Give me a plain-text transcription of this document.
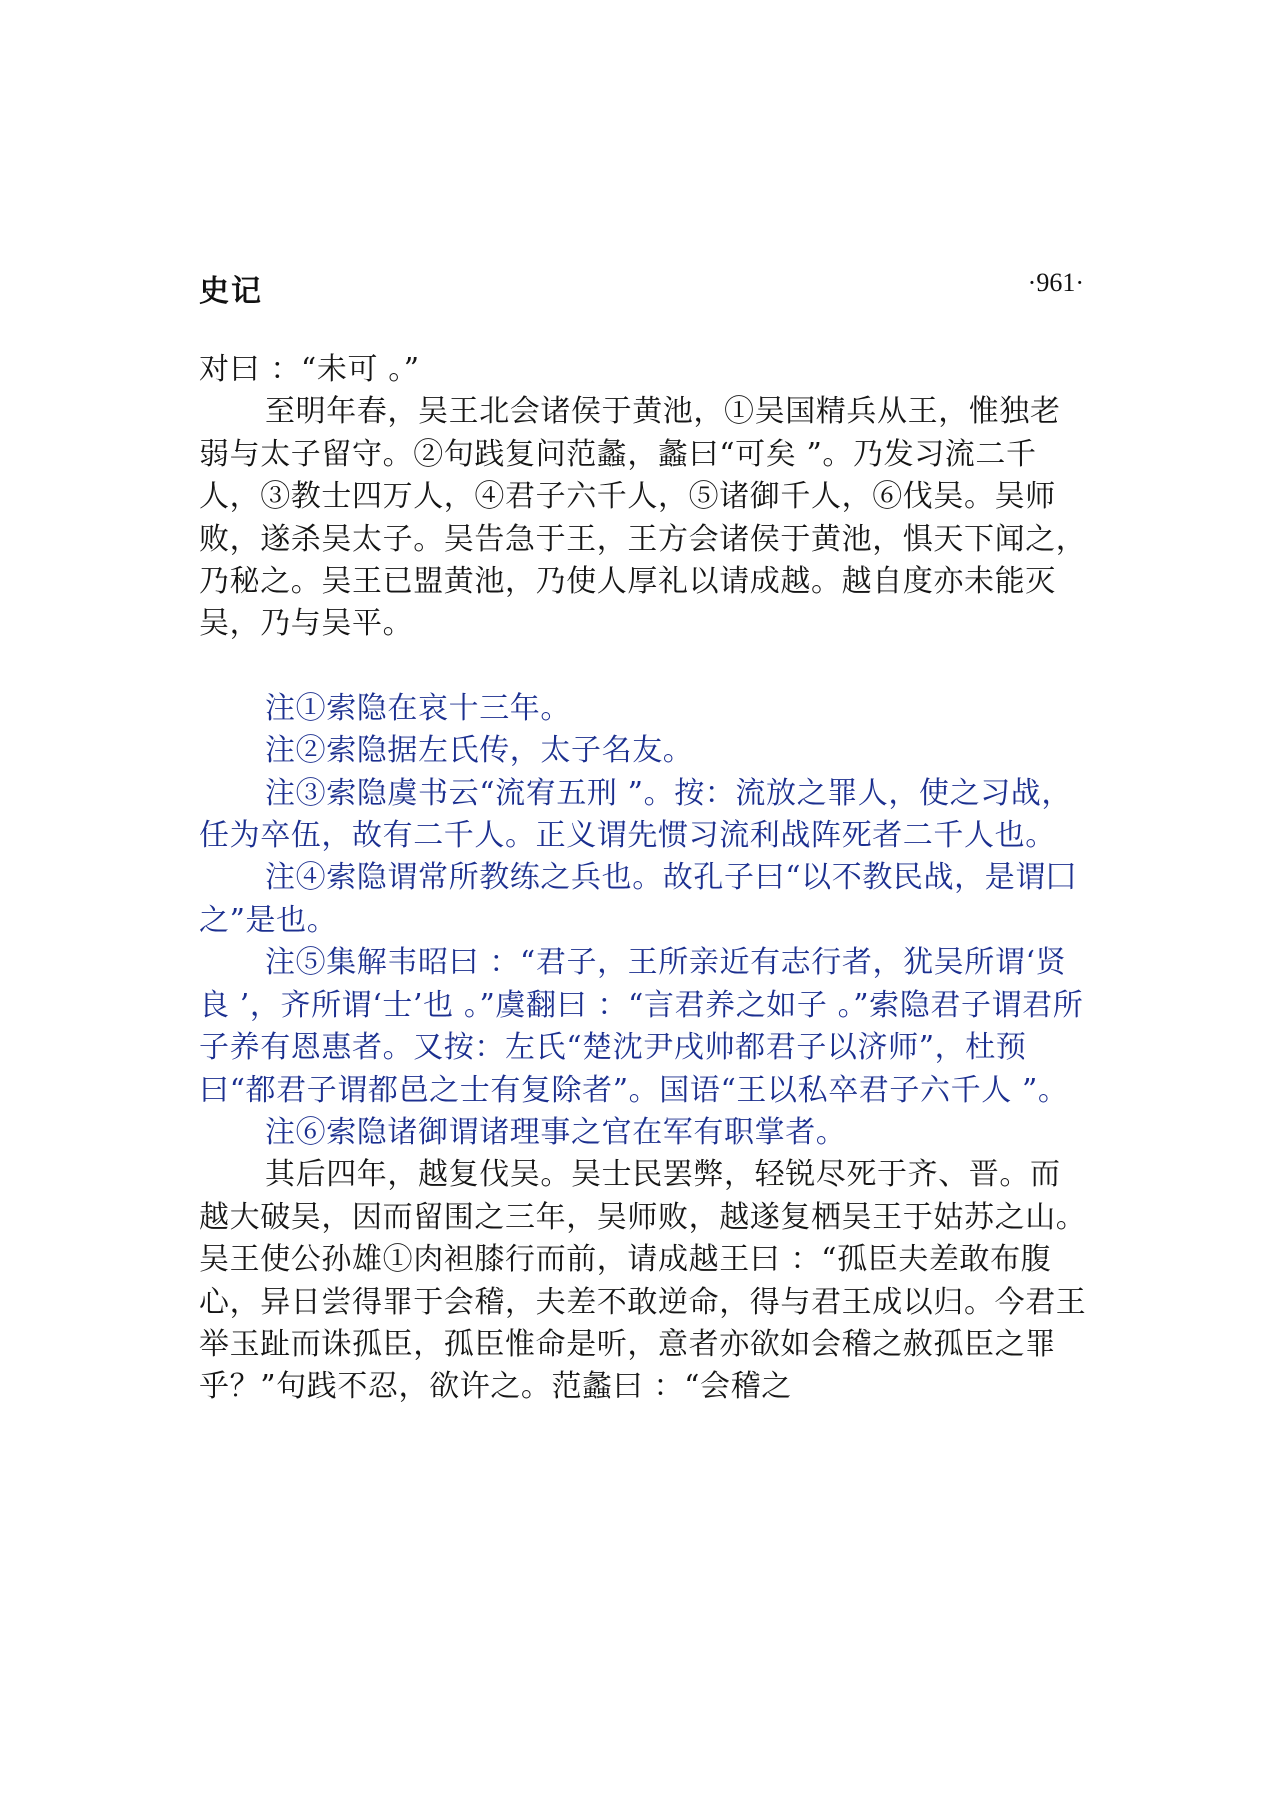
史记	·961·

对曰 ：“未可 。”

至明年春，吴王北会诸侯于黄池，①吴国精兵从王，惟独老弱与太子留守。②句践复问范蠡，蠡曰“可矣 ”。乃发习流二千人，③教士四万人，④君子六千人，⑤诸御千人，⑥伐吴。吴师败，遂杀吴太子。吴告急于王，王方会诸侯于黄池，惧天下闻之，乃秘之。吴王已盟黄池，乃使人厚礼以请成越。越自度亦未能灭吴，乃与吴平。

注①索隐在哀十三年。

注②索隐据左氏传，太子名友。

注③索隐虞书云“流宥五刑 ”。按：流放之罪人，使之习战，任为卒伍，故有二千人。正义谓先惯习流利战阵死者二千人也。

注④索隐谓常所教练之兵也。故孔子曰“以不教民战，是谓囗之”是也。

注⑤集解韦昭曰 ：“君子，王所亲近有志行者，犹吴所谓‘贤良 ’，齐所谓‘士’也 。”虞翻曰 ：“言君养之如子 。”索隐君子谓君所子养有恩惠者。又按：左氏“楚沈尹戌帅都君子以济师”，杜预曰“都君子谓都邑之士有复除者”。国语“王以私卒君子六千人 ”。

注⑥索隐诸御谓诸理事之官在军有职掌者。

其后四年，越复伐吴。吴士民罢弊，轻锐尽死于齐、晋。而越大破吴，因而留围之三年，吴师败，越遂复栖吴王于姑苏之山。吴王使公孙雄①肉袒膝行而前，请成越王曰 ：“孤臣夫差敢布腹心，异日尝得罪于会稽，夫差不敢逆命，得与君王成以归。今君王举玉趾而诛孤臣，孤臣惟命是听，意者亦欲如会稽之赦孤臣之罪乎？”句践不忍，欲许之。范蠡曰 ：“会稽之
